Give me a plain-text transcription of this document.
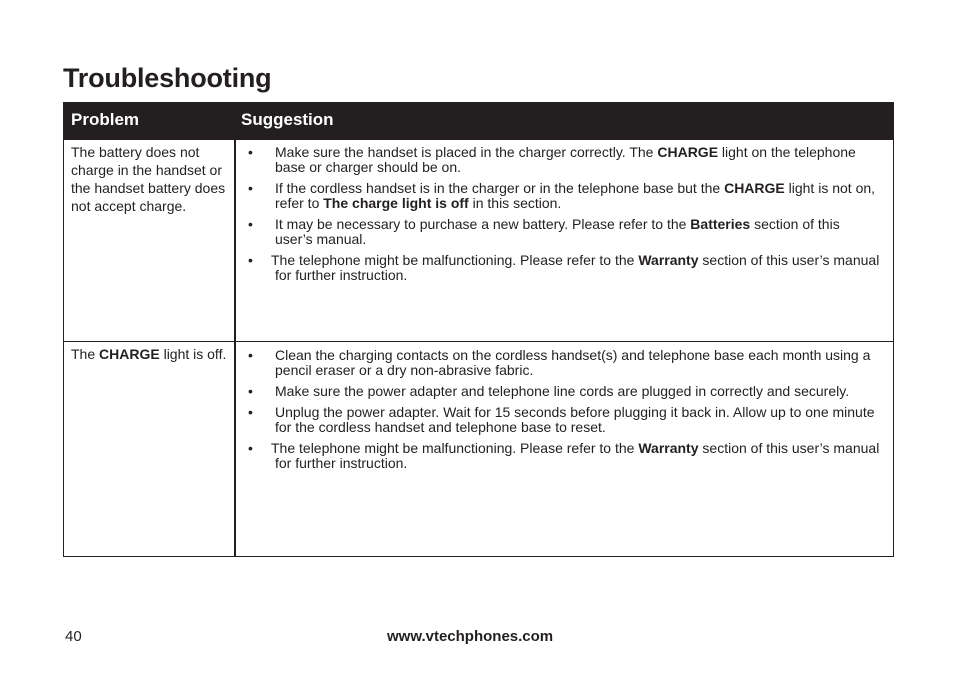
Troubleshooting
Problem	Suggestion
The battery does not charge in the handset or the handset battery does not accept charge.
• Make sure the handset is placed in the charger correctly. The CHARGE light on the telephone base or charger should be on.
• If the cordless handset is in the charger or in the telephone base but the CHARGE light is not on, refer to The charge light is off in this section.
• It may be necessary to purchase a new battery. Please refer to the Batteries section of this user’s manual.
• The telephone might be malfunctioning. Please refer to the Warranty section of this user’s manual for further instruction.
The CHARGE light is off. • Clean the charging contacts on the cordless handset(s) and telephone base each month using a pencil eraser or a dry non-abrasive fabric.
• Make sure the power adapter and telephone line cords are plugged in correctly and securely.
• Unplug the power adapter. Wait for 15 seconds before plugging it back in. Allow up to one minute for the cordless handset and telephone base to reset.
• The telephone might be malfunctioning. Please refer to the Warranty section of this user’s manual for further instruction.
40	www.vtechphones.com
